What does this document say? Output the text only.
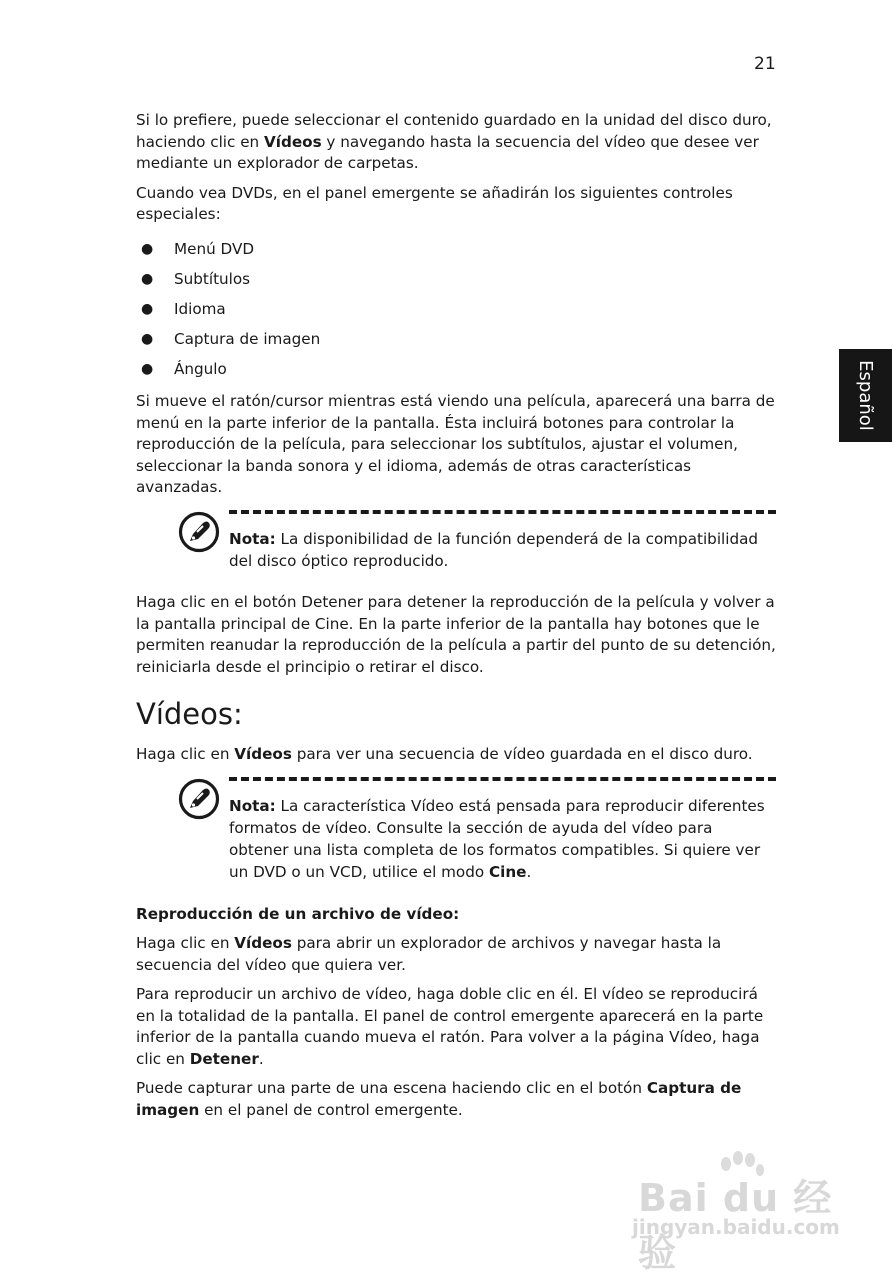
21
Español

Si lo prefiere, puede seleccionar el contenido guardado en la unidad del disco duro, haciendo clic en Vídeos y navegando hasta la secuencia del vídeo que desee ver mediante un explorador de carpetas.

Cuando vea DVDs, en el panel emergente se añadirán los siguientes controles especiales:

● Menú DVD
● Subtítulos
● Idioma
● Captura de imagen
● Ángulo

Si mueve el ratón/cursor mientras está viendo una película, aparecerá una barra de menú en la parte inferior de la pantalla. Ésta incluirá botones para controlar la reproducción de la película, para seleccionar los subtítulos, ajustar el volumen, seleccionar la banda sonora y el idioma, además de otras características avanzadas.

Nota: La disponibilidad de la función dependerá de la compatibilidad del disco óptico reproducido.

Haga clic en el botón Detener para detener la reproducción de la película y volver a la pantalla principal de Cine. En la parte inferior de la pantalla hay botones que le permiten reanudar la reproducción de la película a partir del punto de su detención, reiniciarla desde el principio o retirar el disco.

Vídeos:

Haga clic en Vídeos para ver una secuencia de vídeo guardada en el disco duro.

Nota: La característica Vídeo está pensada para reproducir diferentes formatos de vídeo. Consulte la sección de ayuda del vídeo para obtener una lista completa de los formatos compatibles. Si quiere ver un DVD o un VCD, utilice el modo Cine.
Reproducción de un archivo de vídeo:

Haga clic en Vídeos para abrir un explorador de archivos y navegar hasta la secuencia del vídeo que quiera ver.

Para reproducir un archivo de vídeo, haga doble clic en él. El vídeo se reproducirá en la totalidad de la pantalla. El panel de control emergente aparecerá en la parte inferior de la pantalla cuando mueva el ratón. Para volver a la página Vídeo, haga clic en Detener.

Puede capturar una parte de una escena haciendo clic en el botón Captura de imagen en el panel de control emergente.

Bai du 经验
jingyan.baidu.com
